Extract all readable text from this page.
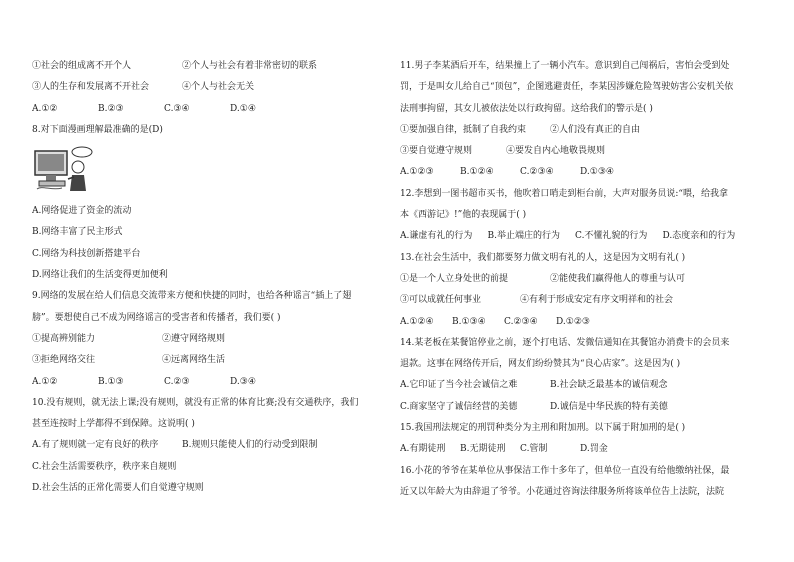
①社会的组成离不开个人	②个人与社会有着非常密切的联系
③人的生存和发展离不开社会	④个人与社会无关
A.①②	B.②③	C.③④	D.①④
8.对下面漫画理解最准确的是(D)
A.网络促进了资金的流动
B.网络丰富了民主形式
C.网络为科技创新搭建平台
D.网络让我们的生活变得更加便利
9.网络的发展在给人们信息交流带来方便和快捷的同时，也给各种谣言“插上了翅
膀”。要想使自己不成为网络谣言的受害者和传播者，我们要( )
①提高辨别能力	②遵守网络规则
③拒绝网络交往	④远离网络生活
A.①②	B.①③	C.②③	D.③④
10.没有规则，就无法上课;没有规则，就没有正常的体育比赛;没有交通秩序，我们
甚至连按时上学都得不到保障。这说明( )
A.有了规则就一定有良好的秩序	B.规则只能使人们的行动受到限制
C.社会生活需要秩序，秩序来自规则
D.社会生活的正常化需要人们自觉遵守规则
11.男子李某酒后开车，结果撞上了一辆小汽车。意识到自己闯祸后，害怕会受到处
罚，于是叫女儿给自己“顶包”，企图逃避责任，李某因涉嫌危险驾驶妨害公安机关依
法刑事拘留，其女儿被依法处以行政拘留。这给我们的警示是( )
①要加强自律，抵制了自我约束	②人们没有真正的自由
③要自觉遵守规则	④要发自内心地敬畏规则
A.①②③	B.①②④	C.②③④	D.①③④
12.李想到一图书超市买书，他吹着口哨走到柜台前，大声对服务员说:“喂，给我拿
本《西游记》!”他的表现属于( )
A.谦虚有礼的行为	B.举止端庄的行为	C.不懂礼貌的行为	D.态度亲和的行为
13.在社会生活中，我们都要努力做文明有礼的人，这是因为文明有礼( )
①是一个人立身处世的前提	②能使我们赢得他人的尊重与认可
③可以成就任何事业	④有利于形成安定有序文明祥和的社会
A.①②④	B.①③④	C.②③④	D.①②③
14.某老板在某餐馆停业之前，逐个打电话、发微信通知在其餐馆办消费卡的会员来
退款。这事在网络传开后，网友们纷纷赞其为“良心店家”。这是因为( )
A.它印证了当今社会诚信之难	B.社会缺乏最基本的诚信观念
C.商家坚守了诚信经营的美德	D.诚信是中华民族的特有美德
15.我国刑法规定的刑罚种类分为主刑和附加刑。以下属于附加刑的是( )
A.有期徒刑	B.无期徒刑	C.管制	D.罚金
16.小花的爷爷在某单位从事保洁工作十多年了，但单位一直没有给他缴纳社保，最
近又以年龄大为由辞退了爷爷。小花通过咨询法律服务所将该单位告上法院，法院
